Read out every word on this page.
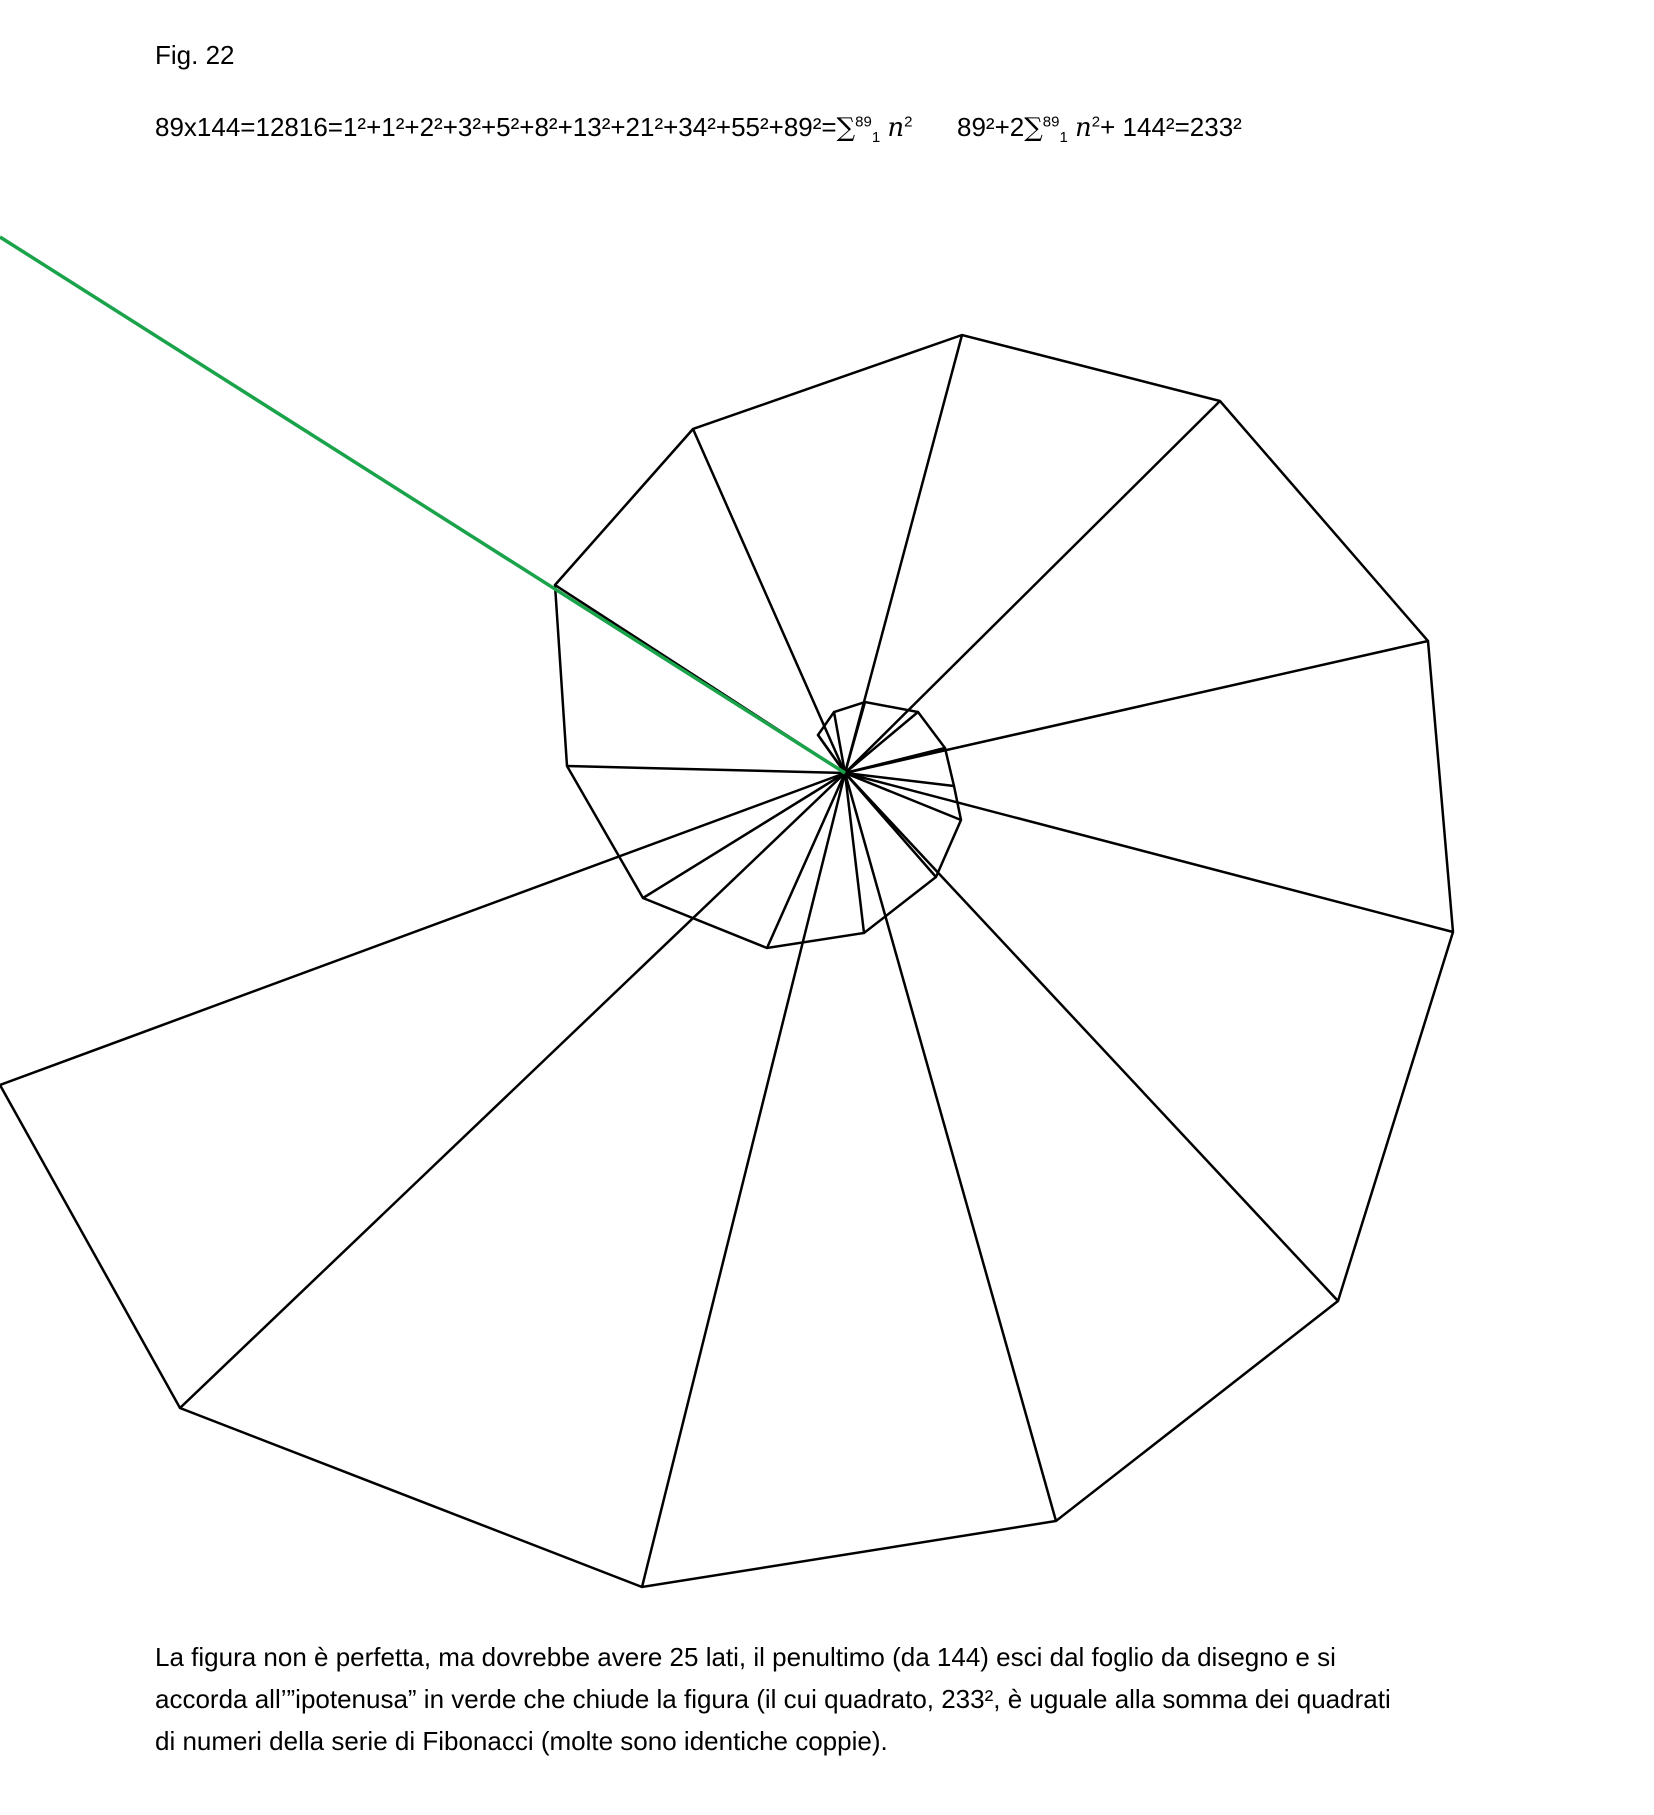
Fig. 22
89x144=12816=1²+1²+2²+3²+5²+8²+13²+21²+34²+55²+89²=∑$^{89}_1$ $n^2$ 89²+2∑$^{89}_1$ $n^2+ 144^2=233^2$

La figura non è perfetta, ma dovrebbe avere 25 lati, il penultimo (da 144) esci dal foglio da disegno e si

accorda all’”ipotenusa” in verde che chiude la figura (il cui quadrato, 233², è uguale alla somma dei quadrati

di numeri della serie di Fibonacci (molte sono identiche coppie).
